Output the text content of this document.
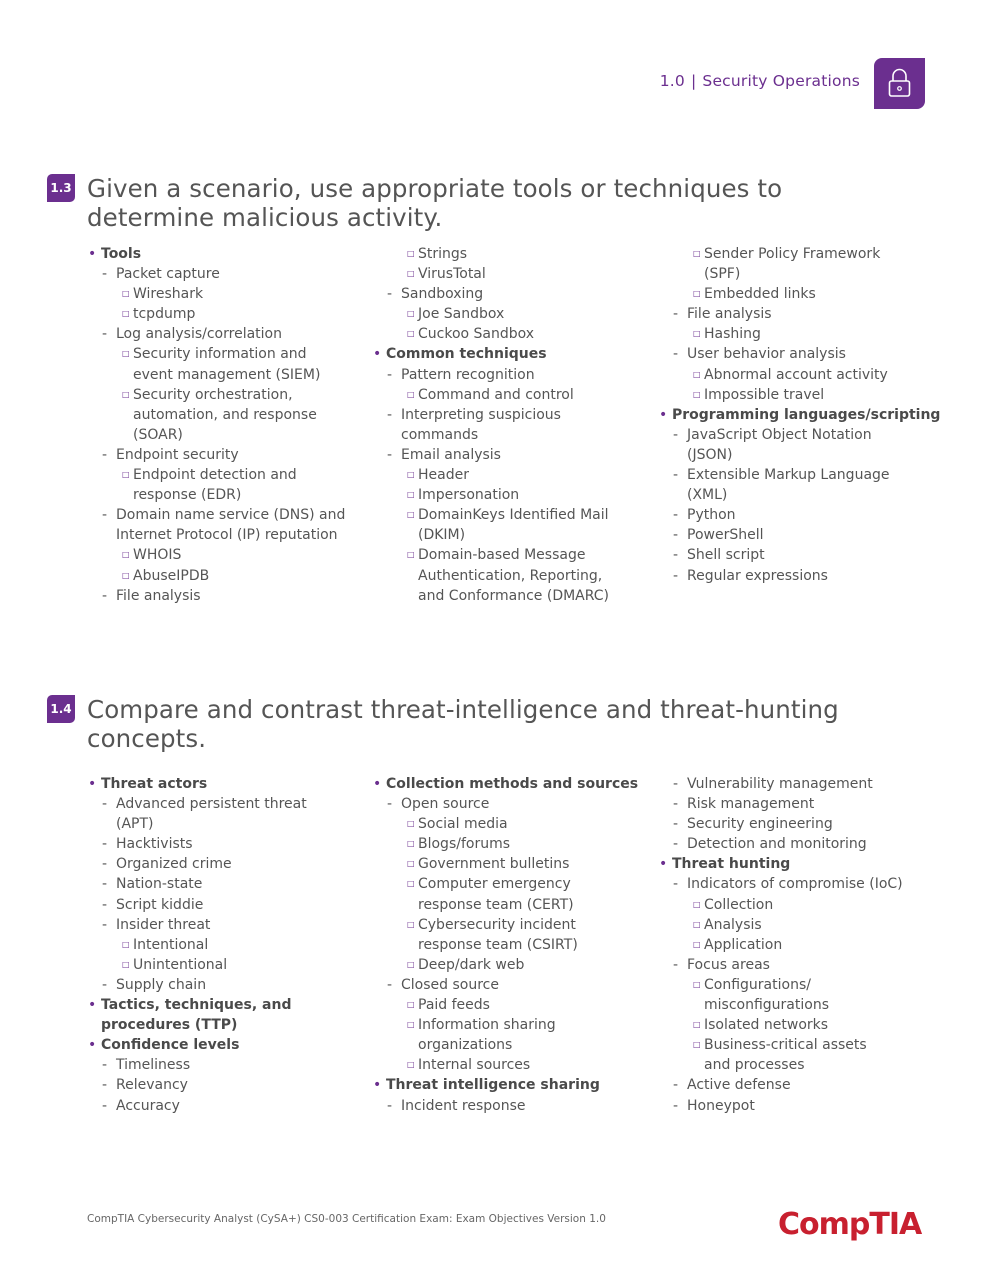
1.0 | Security Operations
1.3 Given a scenario, use appropriate tools or techniques to
determine malicious activity.
• Tools
- Packet capture
□ Wireshark
□ tcpdump
- Log analysis/correlation
□ Security information and
event management (SIEM)
□ Security orchestration,
automation, and response
(SOAR)
- Endpoint security
□ Endpoint detection and
response (EDR)
- Domain name service (DNS) and
Internet Protocol (IP) reputation
□ WHOIS
□ AbuseIPDB
- File analysis
□ Strings
□ VirusTotal
- Sandboxing
□ Joe Sandbox
□ Cuckoo Sandbox
• Common techniques
- Pattern recognition
□ Command and control
- Interpreting suspicious
commands
- Email analysis
□ Header
□ Impersonation
□ DomainKeys Identified Mail
(DKIM)
□ Domain-based Message
Authentication, Reporting,
and Conformance (DMARC)
□ Sender Policy Framework
(SPF)
□ Embedded links
- File analysis
□ Hashing
- User behavior analysis
□ Abnormal account activity
□ Impossible travel
• Programming languages/scripting
- JavaScript Object Notation
(JSON)
- Extensible Markup Language
(XML)
- Python
- PowerShell
- Shell script
- Regular expressions
1.4 Compare and contrast threat-intelligence and threat-hunting
concepts.
• Threat actors
- Advanced persistent threat
(APT)
- Hacktivists
- Organized crime
- Nation-state
- Script kiddie
- Insider threat
□ Intentional
□ Unintentional
- Supply chain
• Tactics, techniques, and
procedures (TTP)
• Confidence levels
- Timeliness
- Relevancy
- Accuracy
• Collection methods and sources
- Open source
□ Social media
□ Blogs/forums
□ Government bulletins
□ Computer emergency
response team (CERT)
□ Cybersecurity incident
response team (CSIRT)
□ Deep/dark web
- Closed source
□ Paid feeds
□ Information sharing
organizations
□ Internal sources
• Threat intelligence sharing
- Incident response
- Vulnerability management
- Risk management
- Security engineering
- Detection and monitoring
• Threat hunting
- Indicators of compromise (IoC)
□ Collection
□ Analysis
□ Application
- Focus areas
□ Configurations/
misconfigurations
□ Isolated networks
□ Business-critical assets
and processes
- Active defense
- Honeypot
CompTIA Cybersecurity Analyst (CySA+) CS0-003 Certification Exam: Exam Objectives Version 1.0	CompTIA
